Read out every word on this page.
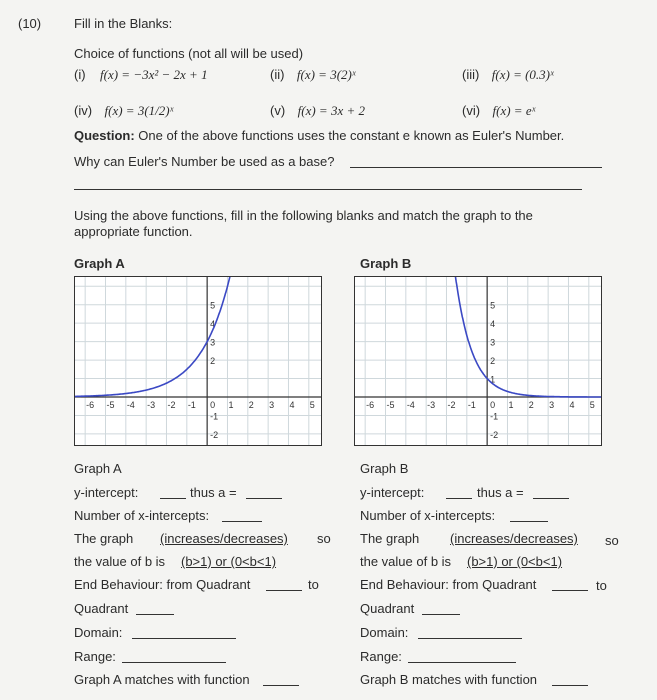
(10)	Fill in the Blanks:
Choice of functions (not all will be used)
(i) f(x) = −3x² − 2x + 1	(ii) f(x) = 3(2)ˣ	(iii) f(x) = (0.3)ˣ
(iv) f(x) = 3(1/2)ˣ	(v) f(x) = 3x + 2	(vi) f(x) = eˣ
Question: One of the above functions uses the constant e known as Euler's Number.
Why can Euler's Number be used as a base?
Using the above functions, fill in the following blanks and match the graph to the
appropriate function.
Graph A	Graph B
-6 -5 -4 -3 -2 -1 0 1 2 3 4 5
5
4
3
2
-1
-2
-6 -5 -4 -3 -2 -1 0 1 2 3 4 5
5
4
3
2
1
-1
-2
Graph A
y-intercept:	thus a =
Number of x-intercepts:
The graph (increases/decreases) so
the value of b is (b>1) or (0<b<1)
End Behaviour: from Quadrant	to
Quadrant
Domain:
Range:
Graph A matches with function
Graph B
y-intercept:	thus a =
Number of x-intercepts:
The graph (increases/decreases) so
the value of b is (b>1) or (0<b<1)
End Behaviour: from Quadrant	to
Quadrant
Domain:
Range:
Graph B matches with function
